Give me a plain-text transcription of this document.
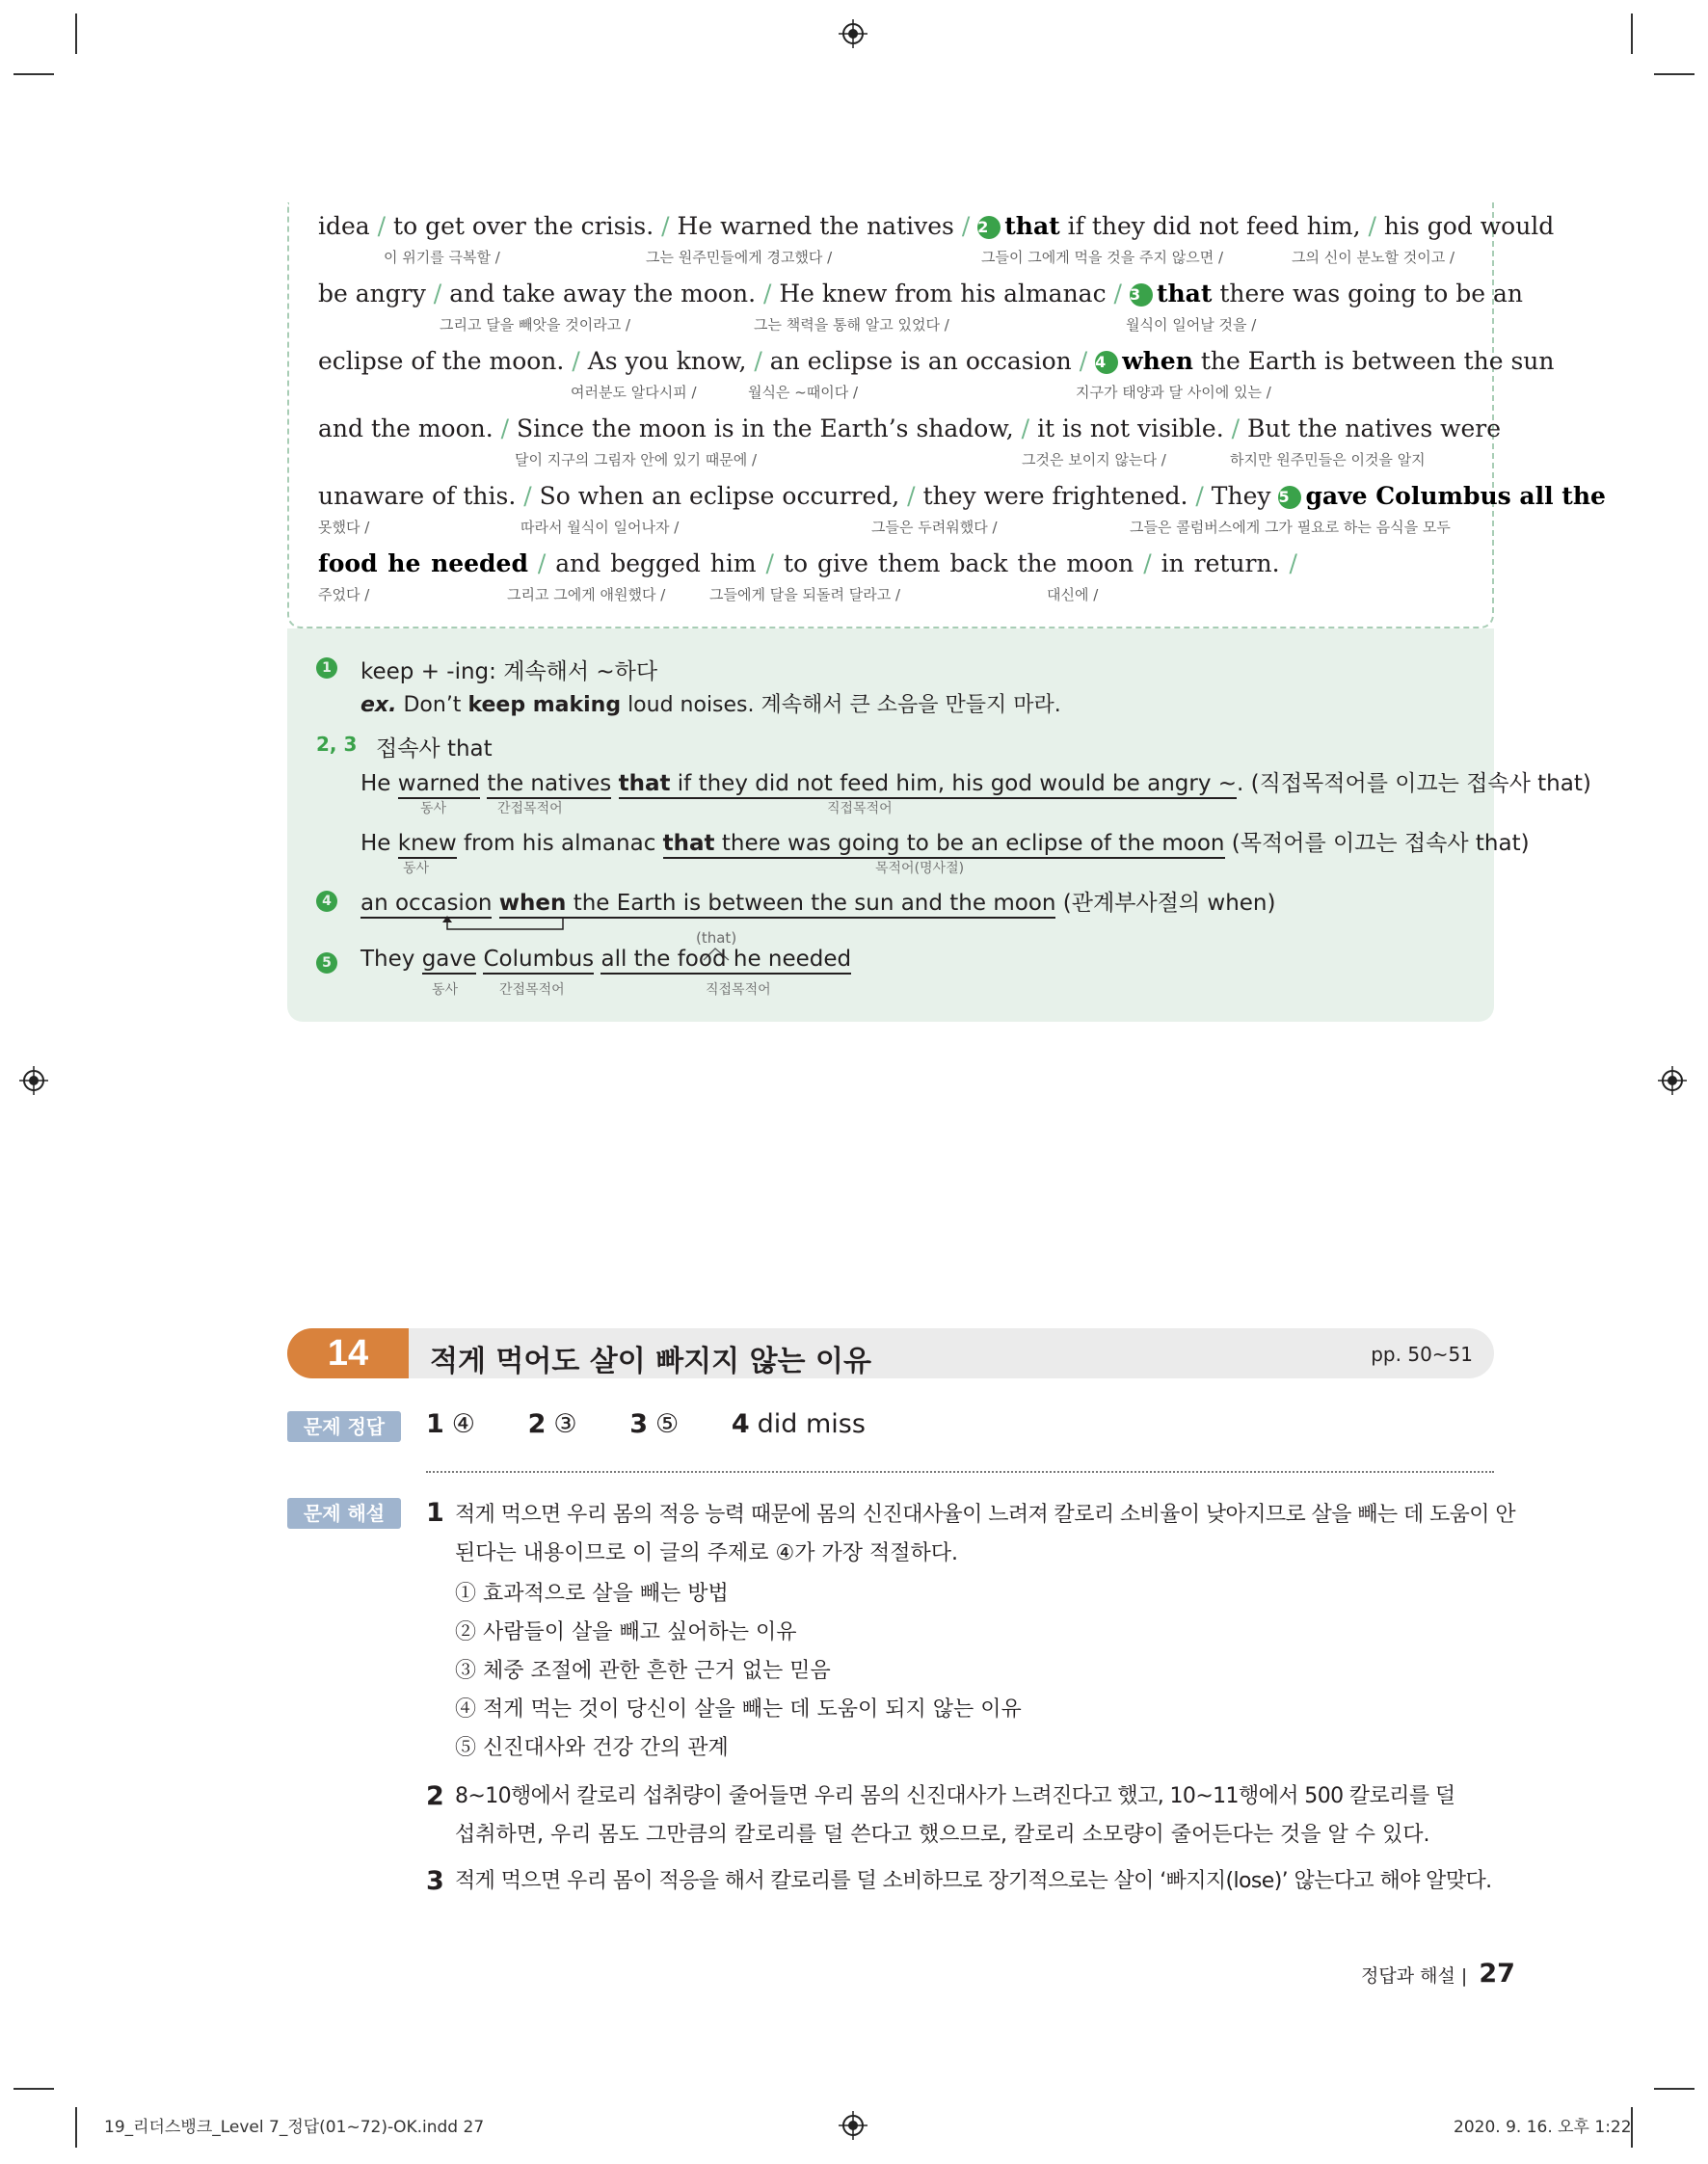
idea / to get over the crisis. / He warned the natives / 2 that if they did not feed him, / his god would
이 위기를 극복할 /	그는 원주민들에게 경고했다 /	그들이 그에게 먹을 것을 주지 않으면 /	그의 신이 분노할 것이고 /
be angry / and take away the moon. / He knew from his almanac / 3 that there was going to be an
그리고 달을 빼앗을 것이라고 /	그는 책력을 통해 알고 있었다 /	월식이 일어날 것을 /
eclipse of the moon. / As you know, / an eclipse is an occasion / 4 when the Earth is between the sun
여러분도 알다시피 /	월식은 ~때이다 /	지구가 태양과 달 사이에 있는 /
and the moon. / Since the moon is in the Earth’s shadow, / it is not visible. / But the natives were
달이 지구의 그림자 안에 있기 때문에 /	그것은 보이지 않는다 /	하지만 원주민들은 이것을 알지
unaware of this. / So when an eclipse occurred, / they were frightened. / They 5 gave Columbus all the
못했다 /	따라서 월식이 일어나자 /	그들은 두려워했다 /	그들은 콜럼버스에게 그가 필요로 하는 음식을 모두
food he needed / and begged him / to give them back the moon / in return. /
주었다 /	그리고 그에게 애원했다 /	그들에게 달을 되돌려 달라고 /	대신에 /
1 keep + -ing: 계속해서 ~하다
ex. Don’t keep making loud noises. 계속해서 큰 소음을 만들지 마라.
2, 3 접속사 that
He warned the natives that if they did not feed him, his god would be angry ~. (직접목적어를 이끄는 접속사 that)
동사	간접목적어	직접목적어
He knew from his almanac that there was going to be an eclipse of the moon (목적어를 이끄는 접속사 that)
동사	목적어(명사절)
4 an occasion when the Earth is between the sun and the moon (관계부사절의 when)
5
(that)
They gave Columbus all the food he needed
동사	간접목적어	직접목적어
14	적게 먹어도 살이 빠지지 않는 이유	pp. 50~51
문제 정답	1 ④ 2 ③ 3 ⑤ 4 did miss
문제 해설	1 적게 먹으면 우리 몸의 적응 능력 때문에 몸의 신진대사율이 느려져 칼로리 소비율이 낮아지므로 살을 빼는 데 도움이 안
된다는 내용이므로 이 글의 주제로 ④가 가장 적절하다.
① 효과적으로 살을 빼는 방법
② 사람들이 살을 빼고 싶어하는 이유
③ 체중 조절에 관한 흔한 근거 없는 믿음
④ 적게 먹는 것이 당신이 살을 빼는 데 도움이 되지 않는 이유
⑤ 신진대사와 건강 간의 관계
2 8~10행에서 칼로리 섭취량이 줄어들면 우리 몸의 신진대사가 느려진다고 했고, 10~11행에서 500 칼로리를 덜
섭취하면, 우리 몸도 그만큼의 칼로리를 덜 쓴다고 했으므로, 칼로리 소모량이 줄어든다는 것을 알 수 있다.
3 적게 먹으면 우리 몸이 적응을 해서 칼로리를 덜 소비하므로 장기적으로는 살이 ‘빠지지(lose)’ 않는다고 해야 알맞다.
정답과 해설 | 27
19_리더스뱅크_Level 7_정답(01~72)-OK.indd 27	2020. 9. 16. 오후 1:22
